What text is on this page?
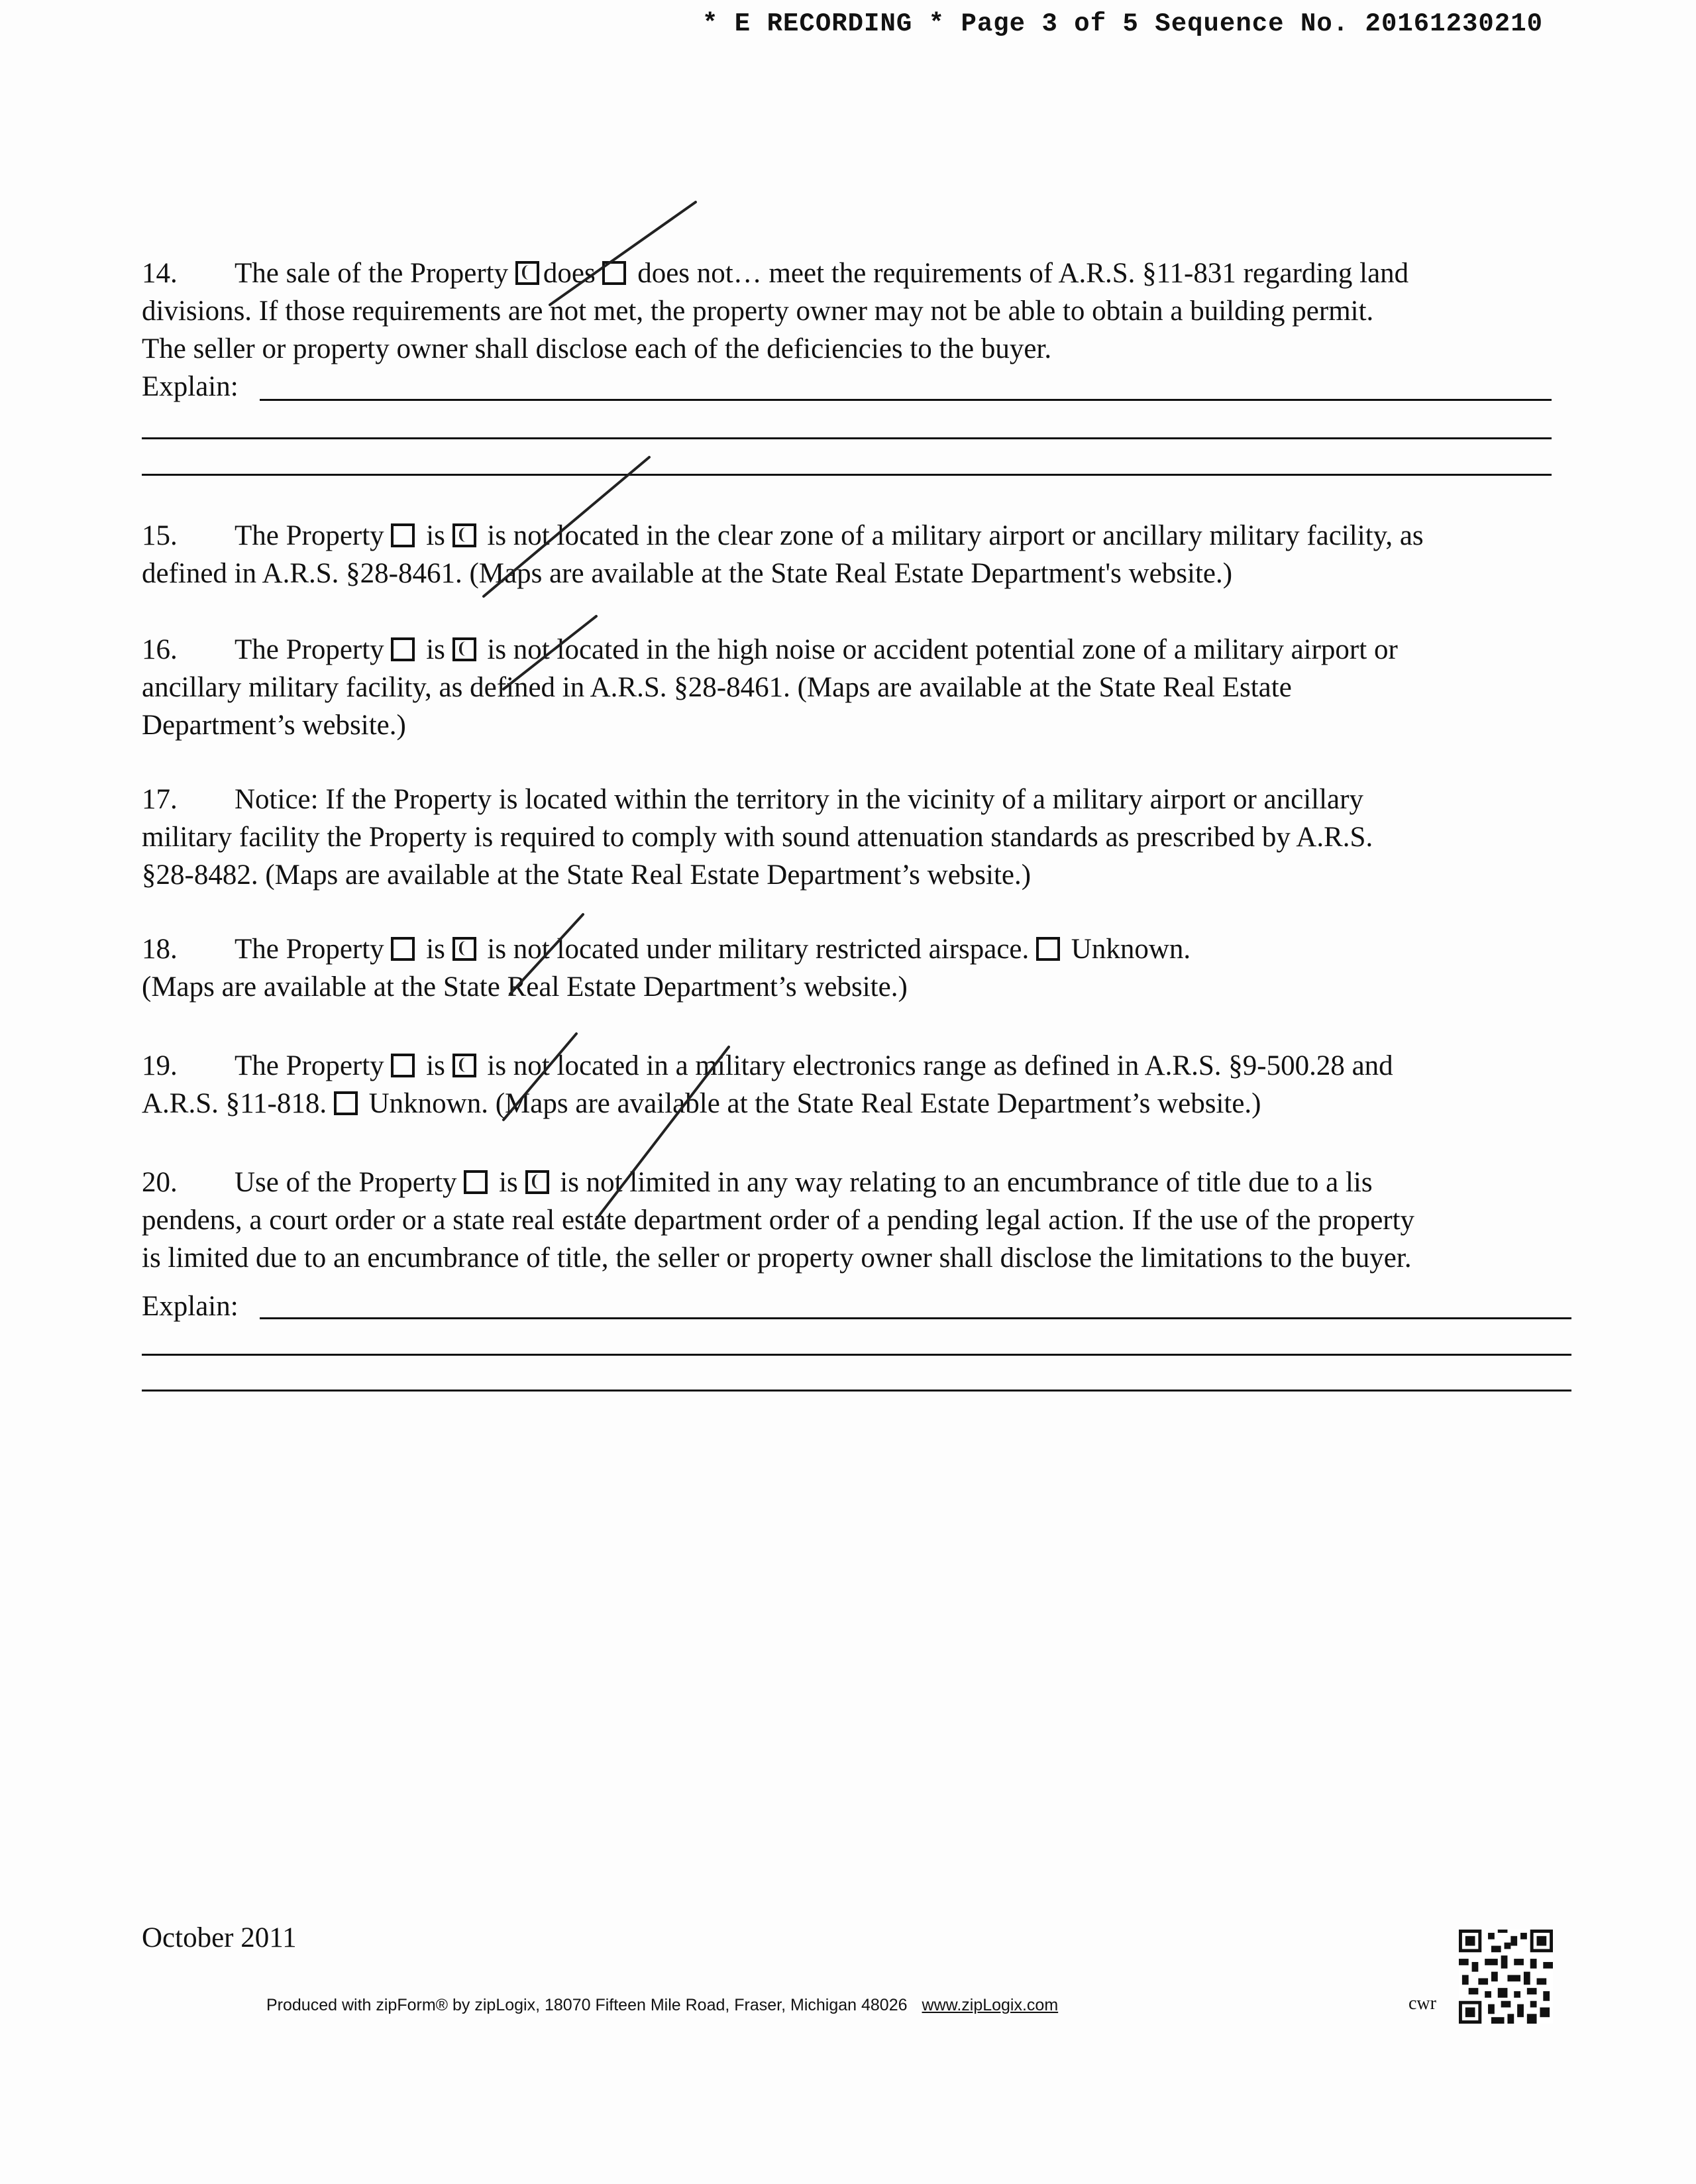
* E RECORDING * Page 3 of 5 Sequence No. 20161230210
14. The sale of the Property does  does not… meet the requirements of A.R.S. §11-831 regarding land
divisions. If those requirements are not met, the property owner may not be able to obtain a building permit.
The seller or property owner shall disclose each of the deficiencies to the buyer.
Explain:
15. The Property  is  is not located in the clear zone of a military airport or ancillary military facility, as
defined in A.R.S. §28-8461. (Maps are available at the State Real Estate Department's website.)
16. The Property  is  is not located in the high noise or accident potential zone of a military airport or
ancillary military facility, as defined in A.R.S. §28-8461. (Maps are available at the State Real Estate
Department’s website.)
17. Notice: If the Property is located within the territory in the vicinity of a military airport or ancillary
military facility the Property is required to comply with sound attenuation standards as prescribed by A.R.S.
§28-8482. (Maps are available at the State Real Estate Department’s website.)
18. The Property  is  is not located under military restricted airspace.  Unknown.
(Maps are available at the State Real Estate Department’s website.)
19. The Property  is  is not located in a military electronics range as defined in A.R.S. §9-500.28 and
A.R.S. §11-818.  Unknown. (Maps are available at the State Real Estate Department’s website.)
20. Use of the Property  is  is not limited in any way relating to an encumbrance of title due to a lis
pendens, a court order or a state real estate department order of a pending legal action. If the use of the property
is limited due to an encumbrance of title, the seller or property owner shall disclose the limitations to the buyer.
Explain:
October 2011
Produced with zipForm® by zipLogix, 18070 Fifteen Mile Road, Fraser, Michigan 48026 www.zipLogix.com	cwr
